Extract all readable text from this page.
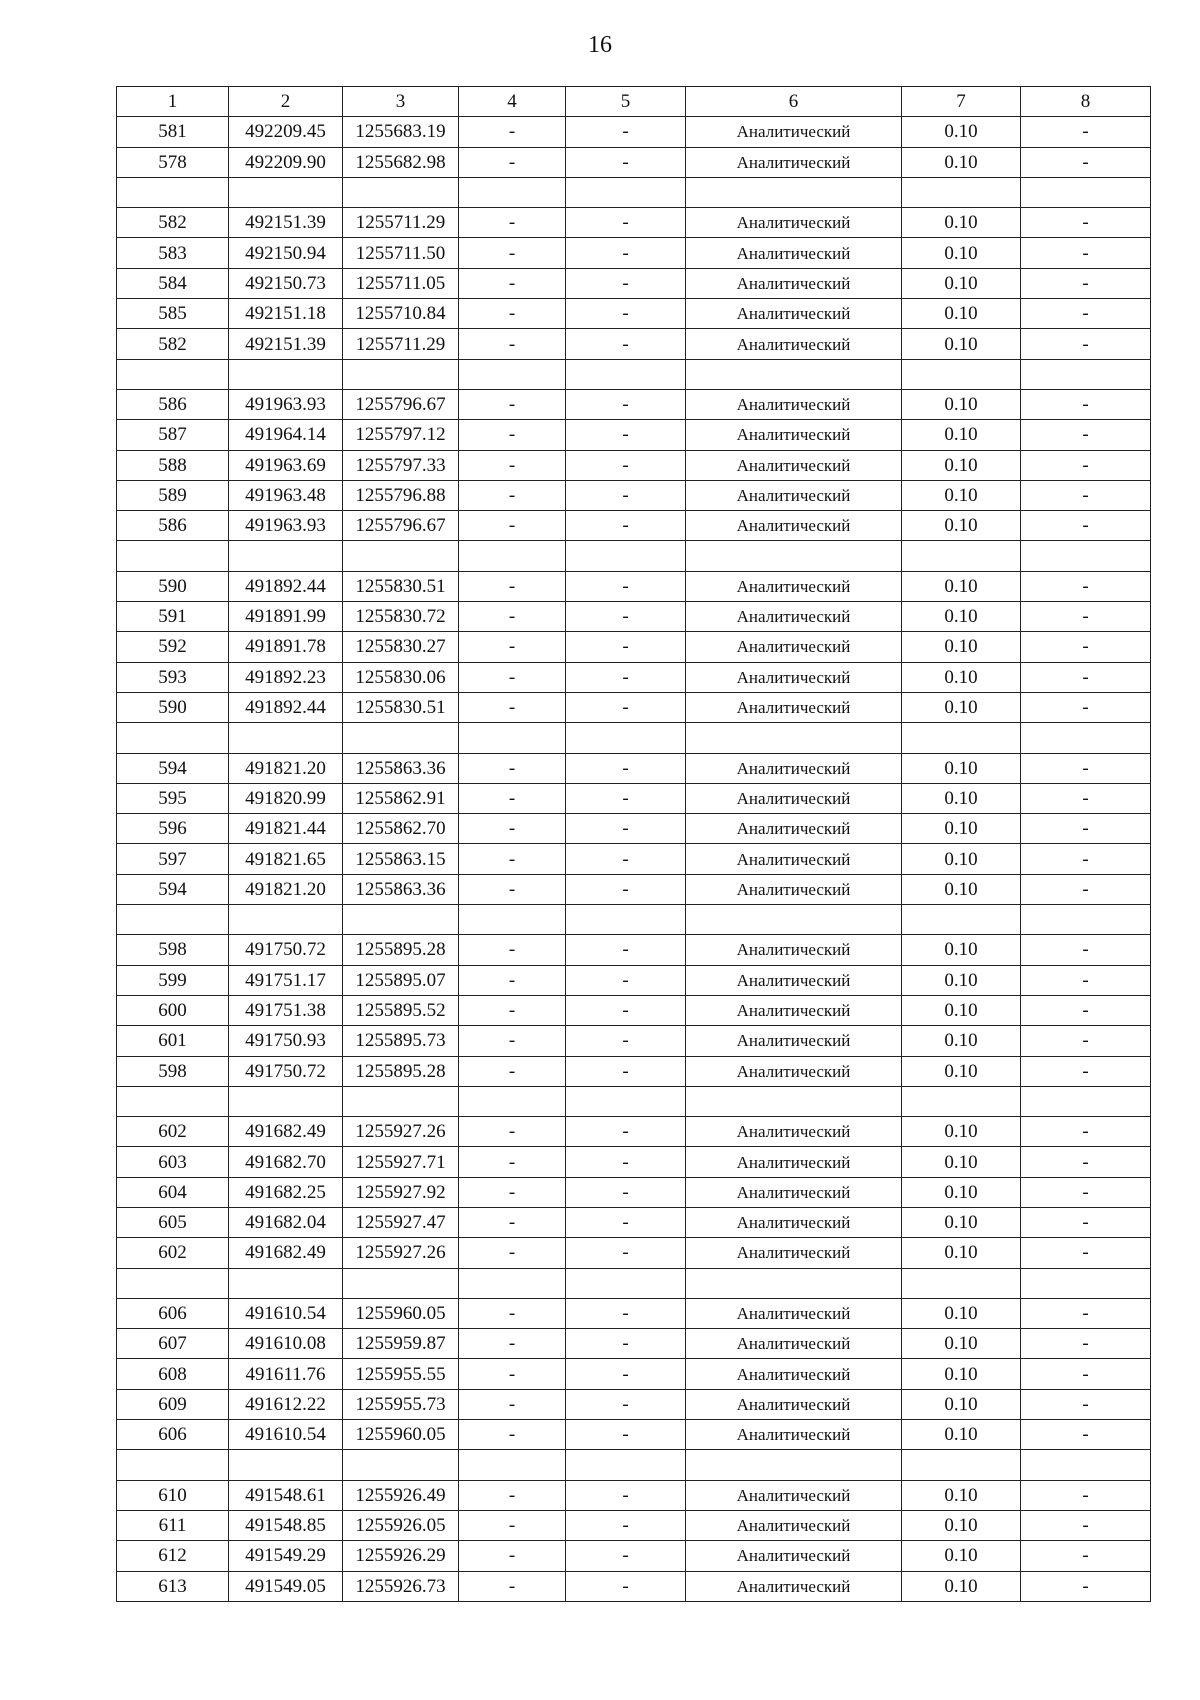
16
1	2	3	4	5	6	7	8
581	492209.45	1255683.19	-	-	Аналитический	0.10	-
578	492209.90	1255682.98	-	-	Аналитический	0.10	-

582	492151.39	1255711.29	-	-	Аналитический	0.10	-
583	492150.94	1255711.50	-	-	Аналитический	0.10	-
584	492150.73	1255711.05	-	-	Аналитический	0.10	-
585	492151.18	1255710.84	-	-	Аналитический	0.10	-
582	492151.39	1255711.29	-	-	Аналитический	0.10	-

586	491963.93	1255796.67	-	-	Аналитический	0.10	-
587	491964.14	1255797.12	-	-	Аналитический	0.10	-
588	491963.69	1255797.33	-	-	Аналитический	0.10	-
589	491963.48	1255796.88	-	-	Аналитический	0.10	-
586	491963.93	1255796.67	-	-	Аналитический	0.10	-

590	491892.44	1255830.51	-	-	Аналитический	0.10	-
591	491891.99	1255830.72	-	-	Аналитический	0.10	-
592	491891.78	1255830.27	-	-	Аналитический	0.10	-
593	491892.23	1255830.06	-	-	Аналитический	0.10	-
590	491892.44	1255830.51	-	-	Аналитический	0.10	-

594	491821.20	1255863.36	-	-	Аналитический	0.10	-
595	491820.99	1255862.91	-	-	Аналитический	0.10	-
596	491821.44	1255862.70	-	-	Аналитический	0.10	-
597	491821.65	1255863.15	-	-	Аналитический	0.10	-
594	491821.20	1255863.36	-	-	Аналитический	0.10	-

598	491750.72	1255895.28	-	-	Аналитический	0.10	-
599	491751.17	1255895.07	-	-	Аналитический	0.10	-
600	491751.38	1255895.52	-	-	Аналитический	0.10	-
601	491750.93	1255895.73	-	-	Аналитический	0.10	-
598	491750.72	1255895.28	-	-	Аналитический	0.10	-

602	491682.49	1255927.26	-	-	Аналитический	0.10	-
603	491682.70	1255927.71	-	-	Аналитический	0.10	-
604	491682.25	1255927.92	-	-	Аналитический	0.10	-
605	491682.04	1255927.47	-	-	Аналитический	0.10	-
602	491682.49	1255927.26	-	-	Аналитический	0.10	-

606	491610.54	1255960.05	-	-	Аналитический	0.10	-
607	491610.08	1255959.87	-	-	Аналитический	0.10	-
608	491611.76	1255955.55	-	-	Аналитический	0.10	-
609	491612.22	1255955.73	-	-	Аналитический	0.10	-
606	491610.54	1255960.05	-	-	Аналитический	0.10	-

610	491548.61	1255926.49	-	-	Аналитический	0.10	-
611	491548.85	1255926.05	-	-	Аналитический	0.10	-
612	491549.29	1255926.29	-	-	Аналитический	0.10	-
613	491549.05	1255926.73	-	-	Аналитический	0.10	-
